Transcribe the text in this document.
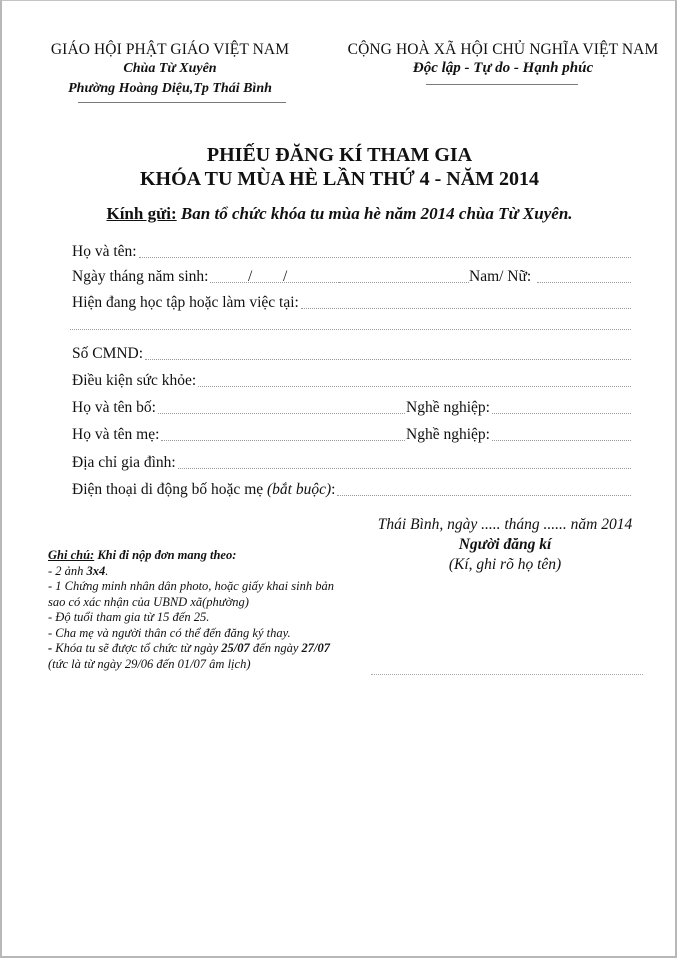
GIÁO HỘI PHẬT GIÁO VIỆT NAM
Chùa Từ Xuyên
Phường Hoàng Diệu,Tp Thái Bình
CỘNG HOÀ XÃ HỘI CHỦ NGHĨA VIỆT NAM
Độc lập - Tự do - Hạnh phúc
PHIẾU ĐĂNG KÍ THAM GIA
KHÓA TU MÙA HÈ LẦN THỨ 4 - NĂM 2014
Kính gửi: Ban tổ chức khóa tu mùa hè năm 2014 chùa Từ Xuyên.
Họ và tên:
Ngày tháng năm sinh:	/ /	Nam/ Nữ:
Hiện đang học tập hoặc làm việc tại:
Số CMND:
Điều kiện sức khỏe:
Họ và tên bố:	Nghề nghiệp:
Họ và tên mẹ:	Nghề nghiệp:
Địa chỉ gia đình:
Điện thoại di động bố hoặc mẹ (bắt buộc):
Thái Bình, ngày ..... tháng ...... năm 2014
Người đăng kí
(Kí, ghi rõ họ tên)
Ghi chú: Khi đi nộp đơn mang theo:
- 2 ảnh 3x4.
- 1 Chứng minh nhân dân photo, hoặc giấy khai sinh bản sao có xác nhận của UBND xã(phường)
- Độ tuổi tham gia từ 15 đến 25.
- Cha mẹ và người thân có thể đến đăng ký thay.
- Khóa tu sẽ được tổ chức từ ngày 25/07 đến ngày 27/07 (tức là từ ngày 29/06 đến 01/07 âm lịch)
